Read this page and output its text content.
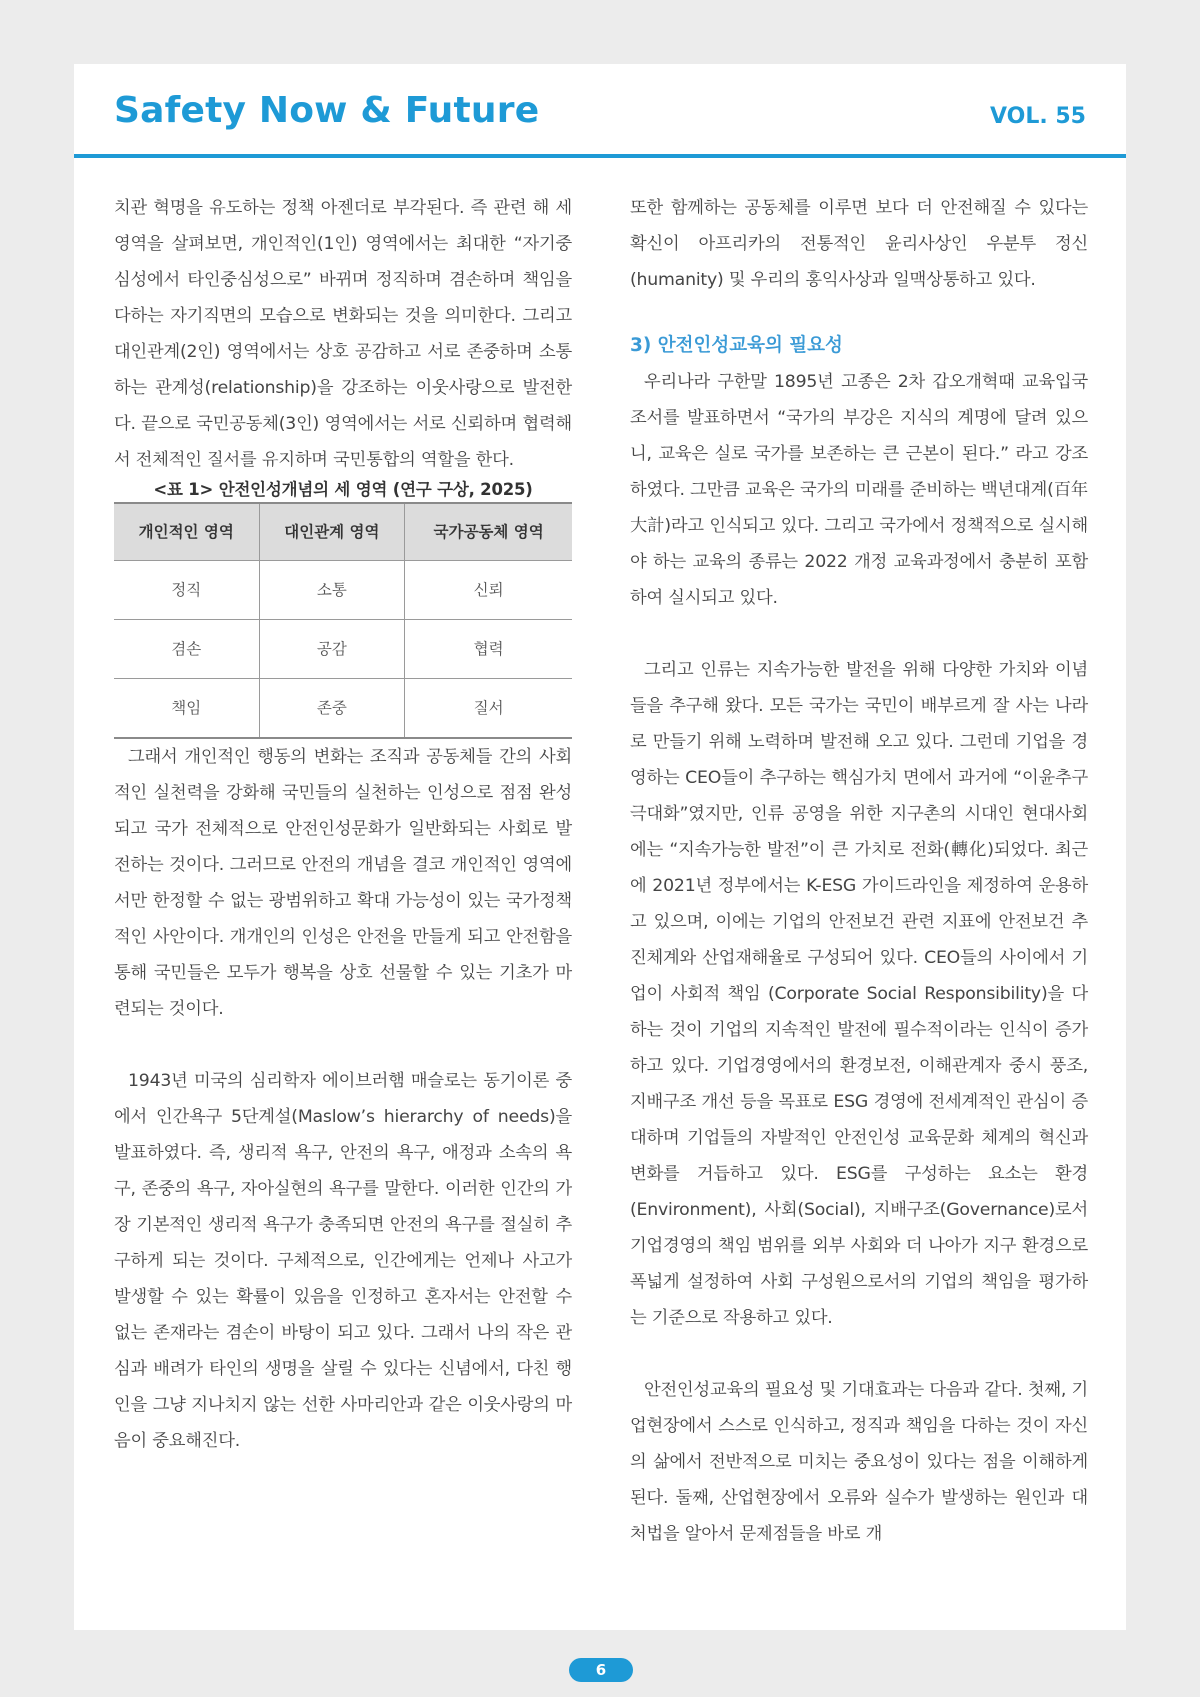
Safety Now & Future	VOL. 55

치관 혁명을 유도하는 정책 아젠더로 부각된다. 즉 관련 해 세 영역을 살펴보면, 개인적인(1인) 영역에서는 최대한 “자기중심성에서 타인중심성으로” 바뀌며 정직하며 겸손하며 책임을 다하는 자기직면의 모습으로 변화되는 것을 의미한다. 그리고 대인관계(2인) 영역에서는 상호 공감하고 서로 존중하며 소통하는 관계성(relationship)을 강조하는 이웃사랑으로 발전한다. 끝으로 국민공동체(3인) 영역에서는 서로 신뢰하며 협력해서 전체적인 질서를 유지하며 국민통합의 역할을 한다.

<표 1> 안전인성개념의 세 영역 (연구 구상, 2025)

개인적인 영역	대인관계 영역	국가공동체 영역
정직	소통	신뢰
겸손	공감	협력
책임	존중	질서

그래서 개인적인 행동의 변화는 조직과 공동체들 간의 사회적인 실천력을 강화해 국민들의 실천하는 인성으로 점점 완성되고 국가 전체적으로 안전인성문화가 일반화되는 사회로 발전하는 것이다. 그러므로 안전의 개념을 결코 개인적인 영역에서만 한정할 수 없는 광범위하고 확대 가능성이 있는 국가정책적인 사안이다. 개개인의 인성은 안전을 만들게 되고 안전함을 통해 국민들은 모두가 행복을 상호 선물할 수 있는 기초가 마련되는 것이다.

1943년 미국의 심리학자 에이브러햄 매슬로는 동기이론 중에서 인간욕구 5단계설(Maslow’s hierarchy of needs)을 발표하였다. 즉, 생리적 욕구, 안전의 욕구, 애정과 소속의 욕구, 존중의 욕구, 자아실현의 욕구를 말한다. 이러한 인간의 가장 기본적인 생리적 욕구가 충족되면 안전의 욕구를 절실히 추구하게 되는 것이다. 구체적으로, 인간에게는 언제나 사고가 발생할 수 있는 확률이 있음을 인정하고 혼자서는 안전할 수 없는 존재라는 겸손이 바탕이 되고 있다. 그래서 나의 작은 관심과 배려가 타인의 생명을 살릴 수 있다는 신념에서, 다친 행인을 그냥 지나치지 않는 선한 사마리안과 같은 이웃사랑의 마음이 중요해진다.

또한 함께하는 공동체를 이루면 보다 더 안전해질 수 있다는 확신이 아프리카의 전통적인 윤리사상인 우분투 정신(humanity) 및 우리의 홍익사상과 일맥상통하고 있다.

3) 안전인성교육의 필요성

우리나라 구한말 1895년 고종은 2차 갑오개혁때 교육입국 조서를 발표하면서 “국가의 부강은 지식의 계명에 달려 있으니, 교육은 실로 국가를 보존하는 큰 근본이 된다.” 라고 강조하였다. 그만큼 교육은 국가의 미래를 준비하는 백년대계(百年大計)라고 인식되고 있다. 그리고 국가에서 정책적으로 실시해야 하는 교육의 종류는 2022 개정 교육과정에서 충분히 포함하여 실시되고 있다.

그리고 인류는 지속가능한 발전을 위해 다양한 가치와 이념들을 추구해 왔다. 모든 국가는 국민이 배부르게 잘 사는 나라로 만들기 위해 노력하며 발전해 오고 있다. 그런데 기업을 경영하는 CEO들이 추구하는 핵심가치 면에서 과거에 “이윤추구 극대화”였지만, 인류 공영을 위한 지구촌의 시대인 현대사회에는 “지속가능한 발전”이 큰 가치로 전화(轉化)되었다. 최근에 2021년 정부에서는 K-ESG 가이드라인을 제정하여 운용하고 있으며, 이에는 기업의 안전보건 관련 지표에 안전보건 추진체계와 산업재해율로 구성되어 있다. CEO들의 사이에서 기업이 사회적 책임 (Corporate Social Responsibility)을 다하는 것이 기업의 지속적인 발전에 필수적이라는 인식이 증가하고 있다. 기업경영에서의 환경보전, 이해관계자 중시 풍조, 지배구조 개선 등을 목표로 ESG 경영에 전세계적인 관심이 증대하며 기업들의 자발적인 안전인성 교육문화 체계의 혁신과 변화를 거듭하고 있다. ESG를 구성하는 요소는 환경(Environment), 사회(Social), 지배구조(Governance)로서 기업경영의 책임 범위를 외부 사회와 더 나아가 지구 환경으로 폭넓게 설정하여 사회 구성원으로서의 기업의 책임을 평가하는 기준으로 작용하고 있다.

안전인성교육의 필요성 및 기대효과는 다음과 같다. 첫째, 기업현장에서 스스로 인식하고, 정직과 책임을 다하는 것이 자신의 삶에서 전반적으로 미치는 중요성이 있다는 점을 이해하게 된다. 둘째, 산업현장에서 오류와 실수가 발생하는 원인과 대처법을 알아서 문제점들을 바로 개

6
